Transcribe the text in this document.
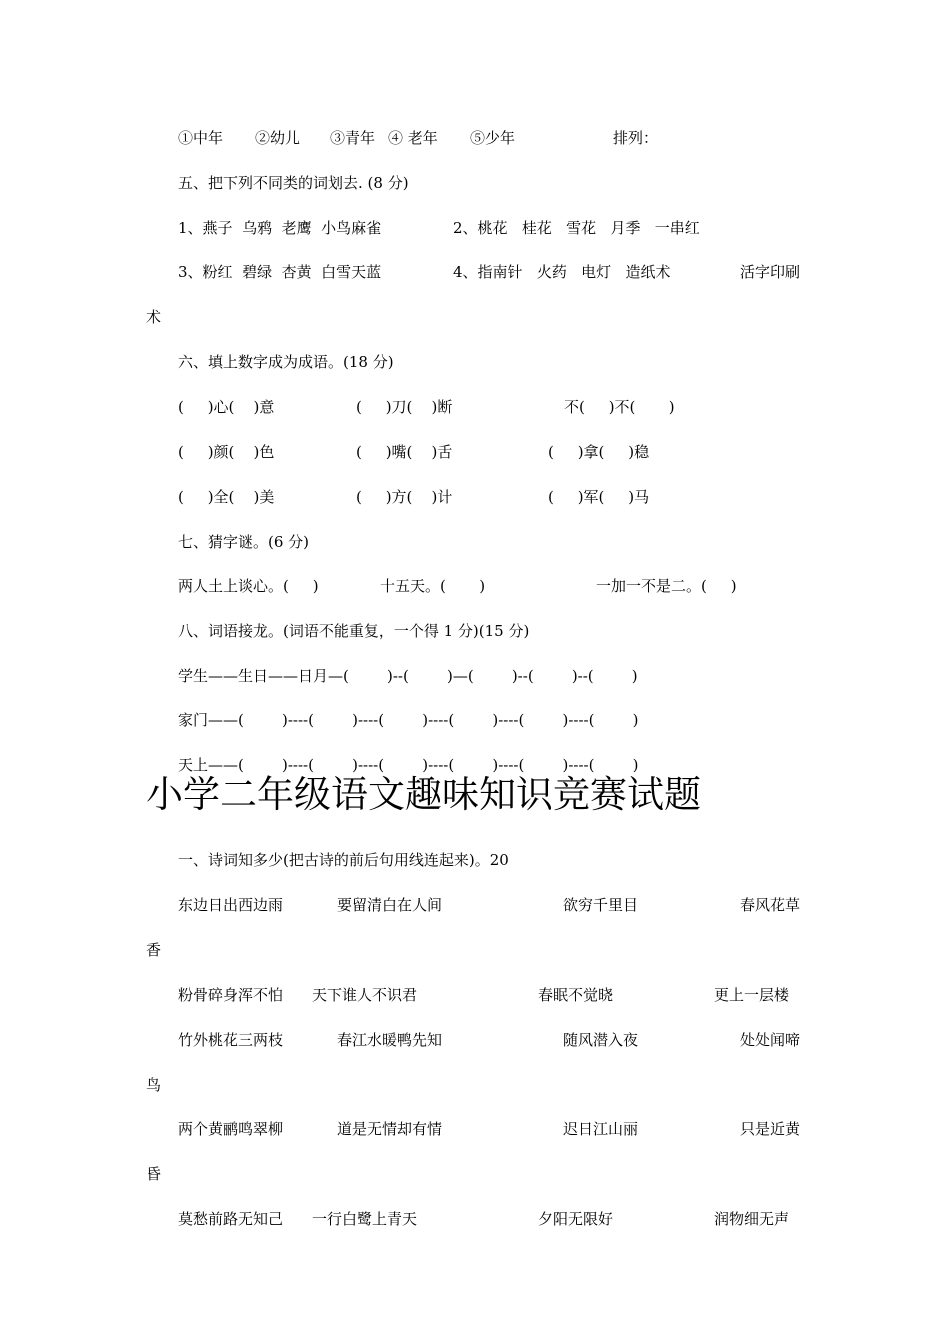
小学二年级语文趣味知识竞赛试题
①中年 ②幼儿 ③青年 ④ 老年 ⑤少年	排列：
五、把下列不同类的词划去. (8 分)
1、燕子  乌鸦  老鹰  小鸟麻雀	2、桃花   桂花   雪花   月季   一串红
3、粉红  碧绿  杏黄  白雪天蓝	4、指南针   火药   电灯   造纸术	活字印刷
术
六、填上数字成为成语。(18 分)
(     )心(    )意	(     )刀(    )断	不(     )不(       )
(     )颜(    )色	(     )嘴(    )舌	(     )拿(     )稳
(     )全(    )美	(     )方(    )计	(     )军(     )马
七、猜字谜。(6 分)
两人土上谈心。(     )	十五天。(       )	一加一不是二。(     )
八、词语接龙。(词语不能重复，一个得 1 分)(15 分)
学生——生日——日月—(        )--(        )—(        )--(        )--(        )
家门——(        )----(        )----(        )----(        )----(        )----(        )
天上——(        )----(        )----(        )----(        )----(        )----(        )
一、诗词知多少(把古诗的前后句用线连起来)。20
东边日出西边雨	要留清白在人间	欲穷千里目	春风花草
香
粉骨碎身浑不怕 天下谁人不识君	春眠不觉晓	更上一层楼
竹外桃花三两枝	春江水暖鸭先知	随风潜入夜	处处闻啼
鸟
两个黄鹂鸣翠柳	道是无情却有情	迟日江山丽	只是近黄
昏
莫愁前路无知己 一行白鹭上青天	夕阳无限好	润物细无声
